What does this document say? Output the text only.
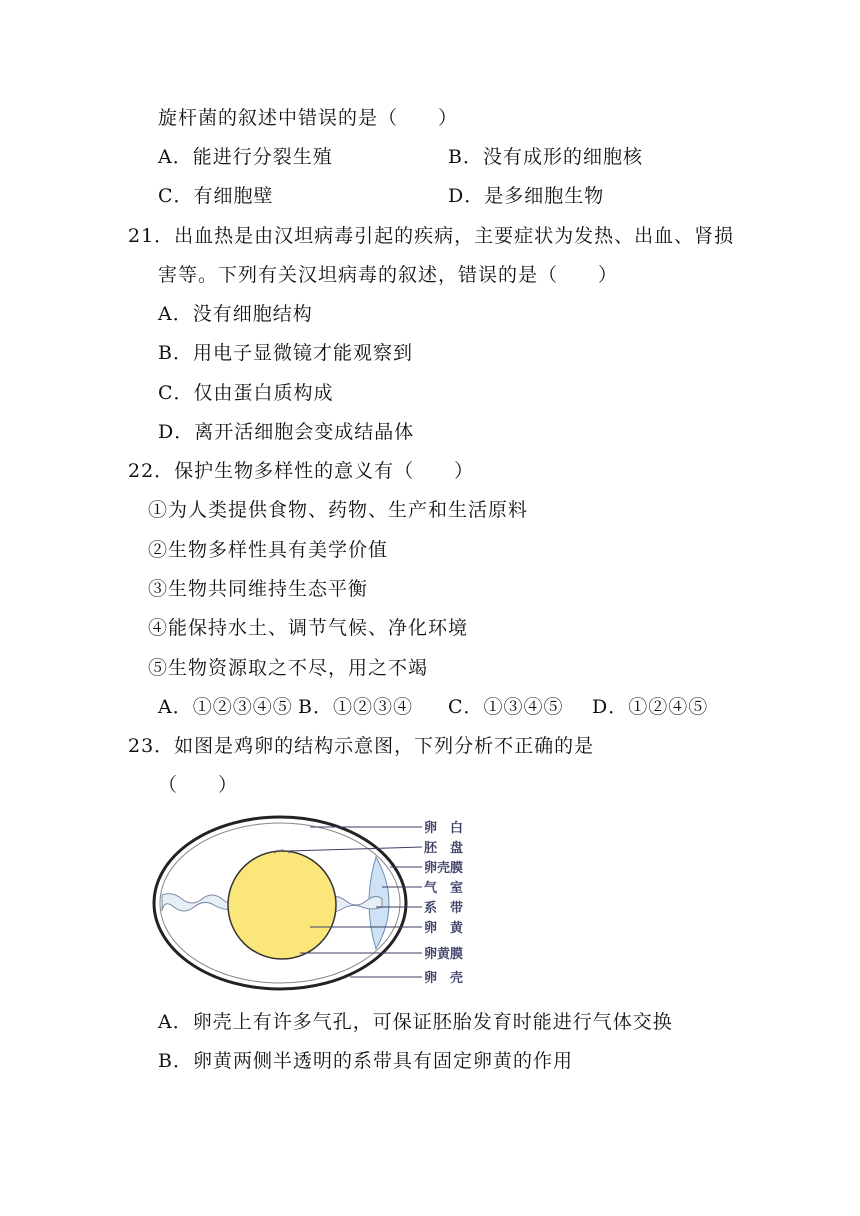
旋杆菌的叙述中错误的是（　　）
A．能进行分裂生殖	B．没有成形的细胞核
C．有细胞壁	D．是多细胞生物
21．出血热是由汉坦病毒引起的疾病，主要症状为发热、出血、肾损
害等。下列有关汉坦病毒的叙述，错误的是（　　）
A．没有细胞结构
B．用电子显微镜才能观察到
C．仅由蛋白质构成
D．离开活细胞会变成结晶体
22．保护生物多样性的意义有（　　）
①为人类提供食物、药物、生产和生活原料
②生物多样性具有美学价值
③生物共同维持生态平衡
④能保持水土、调节气候、净化环境
⑤生物资源取之不尽，用之不竭
A．①②③④⑤ B．①②③④ C．①③④⑤ D．①②④⑤
23．如图是鸡卵的结构示意图，下列分析不正确的是
（　　）
卵　白
胚　盘
卵壳膜
气　室
系　带
卵　黄
卵黄膜
卵　壳
A．卵壳上有许多气孔，可保证胚胎发育时能进行气体交换
B．卵黄两侧半透明的系带具有固定卵黄的作用
